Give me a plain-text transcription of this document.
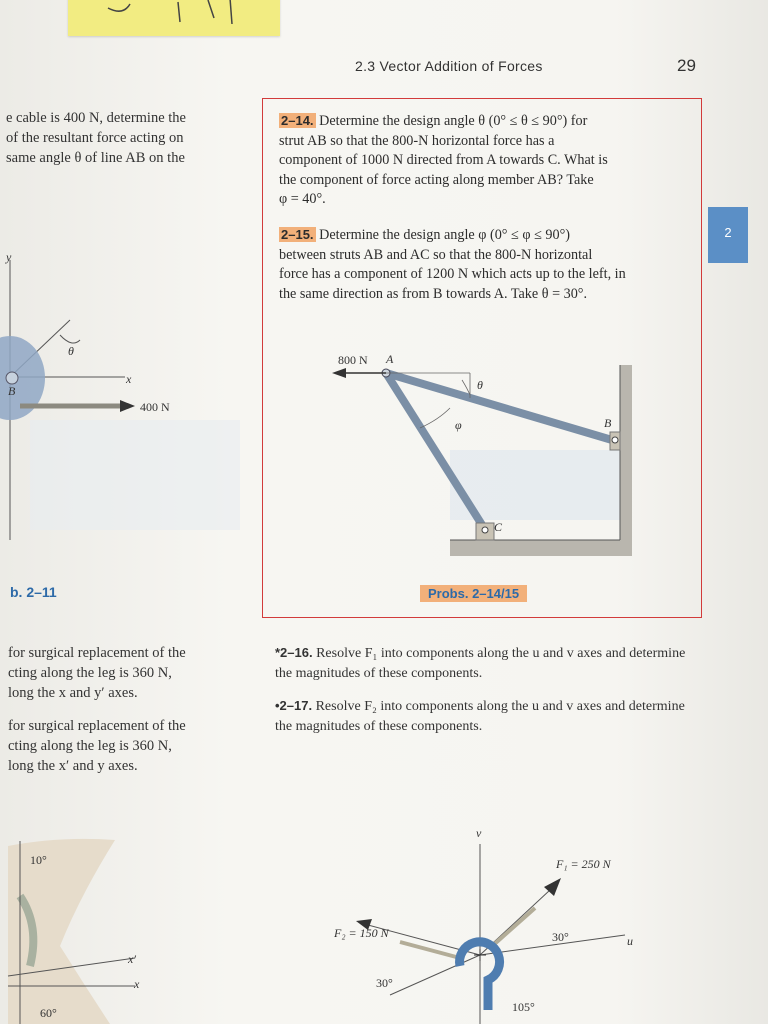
2.3 Vector Addition of Forces	29
2
e cable is 400 N, determine the
of the resultant force acting on
same angle θ of line AB on the
y
θ
x
B
400 N
b. 2–11
for surgical replacement of the
cting along the leg is 360 N,
long the x and y′ axes.
for surgical replacement of the
cting along the leg is 360 N,
long the x′ and y axes.
10°
x′
x
60°
2–14. Determine the design angle θ (0° ≤ θ ≤ 90°) for
strut AB so that the 800-N horizontal force has a
component of 1000 N directed from A towards C. What is
the component of force acting along member AB? Take
φ = 40°.
2–15. Determine the design angle φ (0° ≤ φ ≤ 90°)
between struts AB and AC so that the 800-N horizontal
force has a component of 1200 N which acts up to the left, in
the same direction as from B towards A. Take θ = 30°.
800 N A
θ
φ	B
C
Probs. 2–14/15
*2–16. Resolve F₁ into components along the u and v axes and determine the magnitudes of these components.
•2–17. Resolve F₂ into components along the u and v axes and determine the magnitudes of these components.
v
u
F₁ = 250 N
F₂ = 150 N	30°
30°
105°
